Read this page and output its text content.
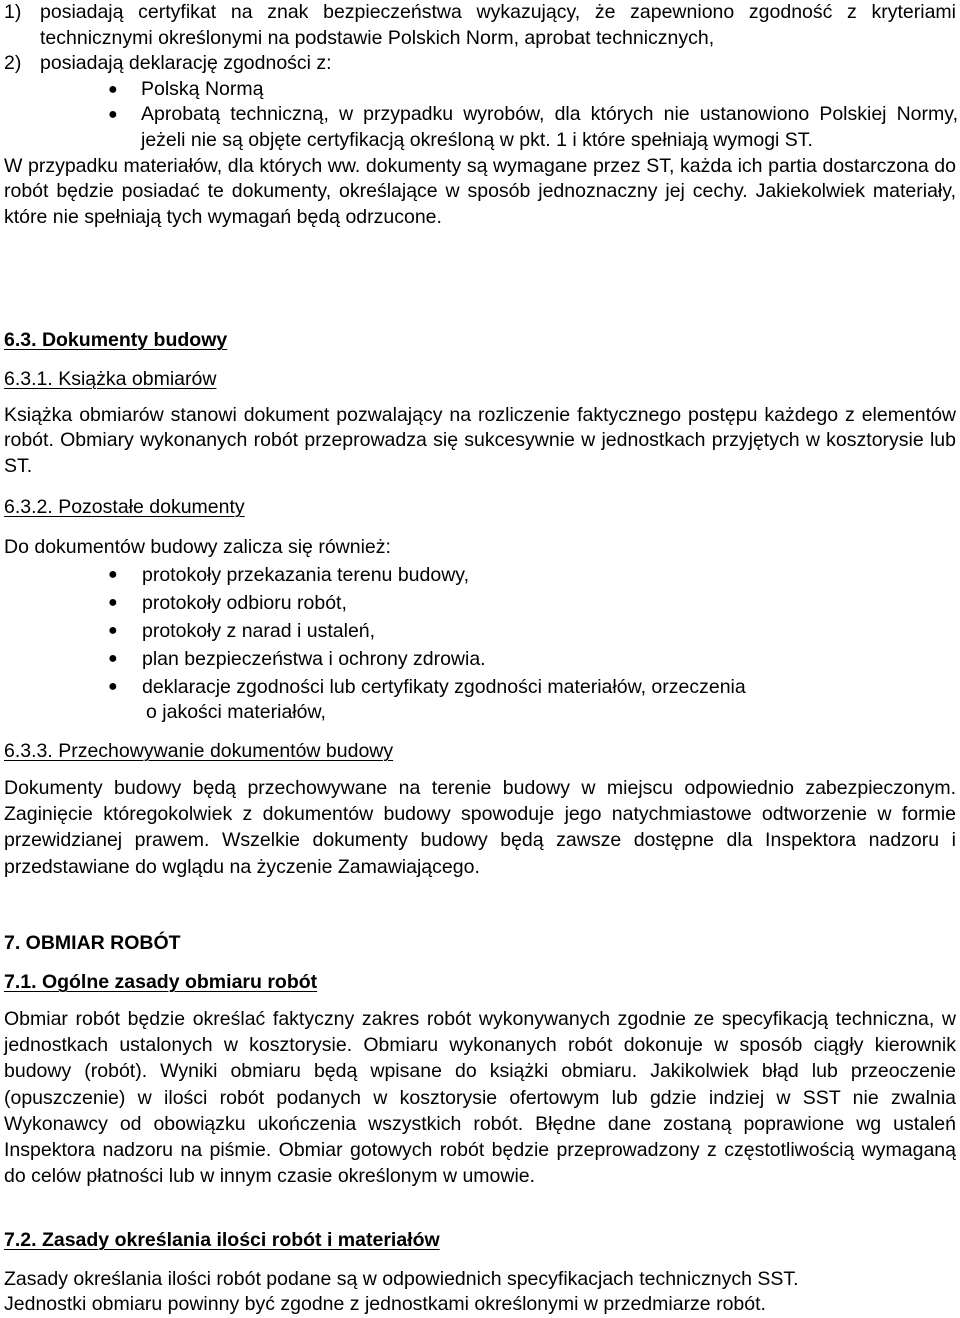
1) posiadają certyfikat na znak bezpieczeństwa wykazujący, że zapewniono zgodność z kryteriami technicznymi określonymi na podstawie Polskich Norm, aprobat technicznych,

2) posiadają deklarację zgodności z:

● Polską Normą

● Aprobatą techniczną, w przypadku wyrobów, dla których nie ustanowiono Polskiej Normy, jeżeli nie są objęte certyfikacją określoną w pkt. 1 i które spełniają wymogi ST.

W przypadku materiałów, dla których ww. dokumenty są wymagane przez ST, każda ich partia dostarczona do robót będzie posiadać te dokumenty, określające w sposób jednoznaczny jej cechy. Jakiekolwiek materiały, które nie spełniają tych wymagań będą odrzucone.

6.3. Dokumenty budowy
6.3.1. Książka obmiarów

Książka obmiarów stanowi dokument pozwalający na rozliczenie faktycznego postępu każdego z elementów robót. Obmiary wykonanych robót przeprowadza się sukcesywnie w jednostkach przyjętych w kosztorysie lub ST.

6.3.2. Pozostałe dokumenty

Do dokumentów budowy zalicza się również:

● protokoły przekazania terenu budowy,
● protokoły odbioru robót,
● protokoły z narad i ustaleń,
● plan bezpieczeństwa i ochrony zdrowia.
● deklaracje zgodności lub certyfikaty zgodności materiałów, orzeczenia
o jakości materiałów,
6.3.3. Przechowywanie dokumentów budowy

Dokumenty budowy będą przechowywane na terenie budowy w miejscu odpowiednio zabezpieczonym. Zaginięcie któregokolwiek z dokumentów budowy spowoduje jego natychmiastowe odtworzenie w formie przewidzianej prawem. Wszelkie dokumenty budowy będą zawsze dostępne dla Inspektora nadzoru i przedstawiane do wglądu na życzenie Zamawiającego.

7. OBMIAR ROBÓT
7.1. Ogólne zasady obmiaru robót

Obmiar robót będzie określać faktyczny zakres robót wykonywanych zgodnie ze specyfikacją techniczna, w jednostkach ustalonych w kosztorysie. Obmiaru wykonanych robót dokonuje w sposób ciągły kierownik budowy (robót). Wyniki obmiaru będą wpisane do książki obmiaru. Jakikolwiek błąd lub przeoczenie (opuszczenie) w ilości robót podanych w kosztorysie ofertowym lub gdzie indziej w SST nie zwalnia Wykonawcy od obowiązku ukończenia wszystkich robót. Błędne dane zostaną poprawione wg ustaleń Inspektora nadzoru na piśmie. Obmiar gotowych robót będzie przeprowadzony z częstotliwością wymaganą do celów płatności lub w innym czasie określonym w umowie.

7.2. Zasady określania ilości robót i materiałów

Zasady określania ilości robót podane są w odpowiednich specyfikacjach technicznych SST.

Jednostki obmiaru powinny być zgodne z jednostkami określonymi w przedmiarze robót.
